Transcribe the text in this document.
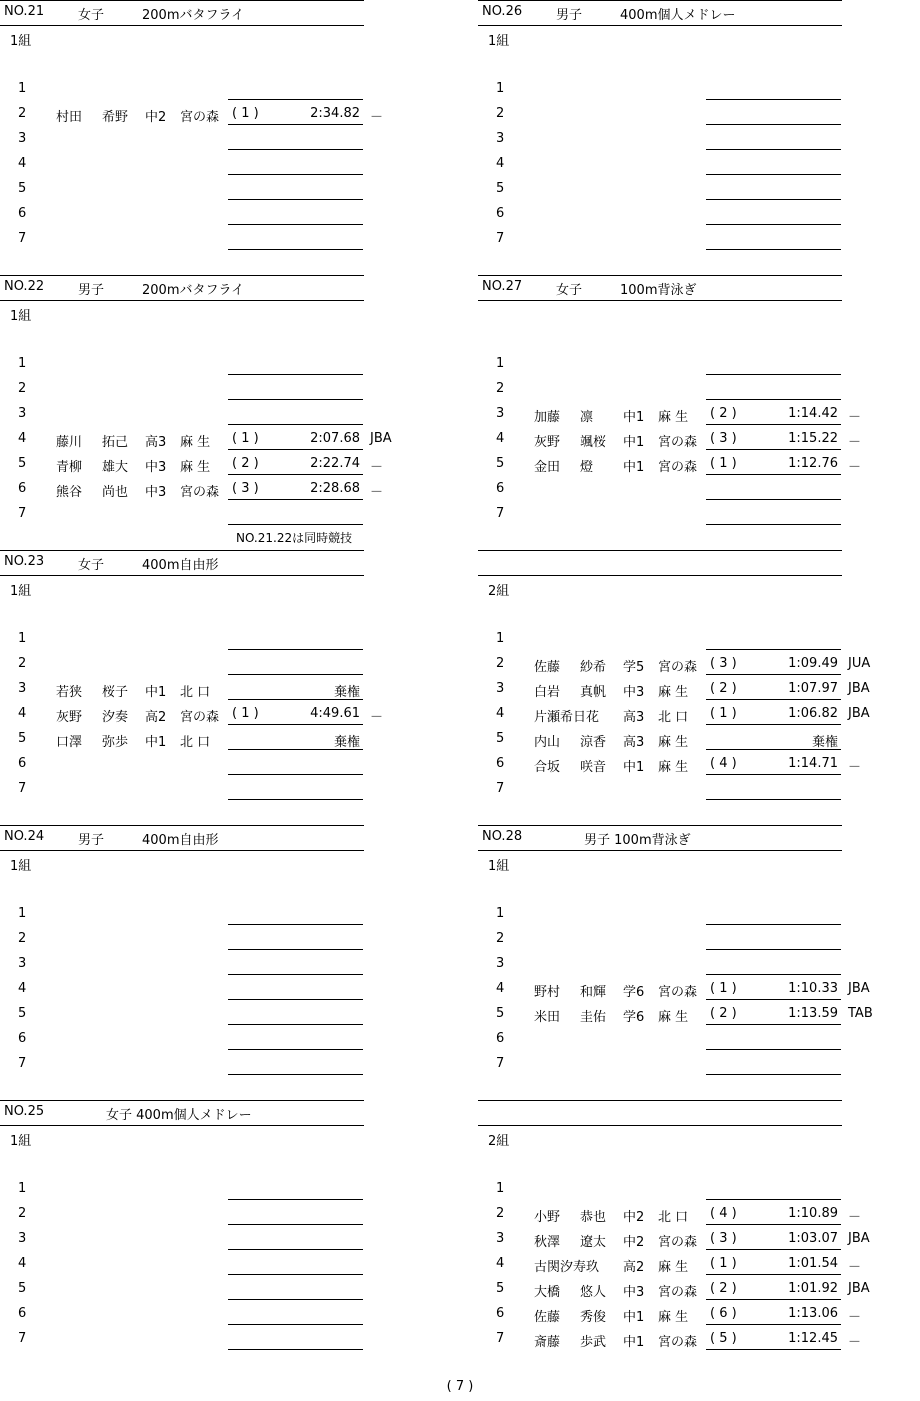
NO.21	女子	200mバタフライ
1組
1
2 村田	希野	中2	宮の森 ( 1 )	2:34.82 －
3
4
5
6
7
NO.22	男子	200mバタフライ
1組
1
2
3
4 藤川	拓己	高3	麻 生	( 1 )	2:07.68 JBA
5 青柳	雄大	中3	麻 生	( 2 )	2:22.74 －
6 熊谷	尚也	中3	宮の森 ( 3 )	2:28.68 －
7
NO.21.22は同時競技
NO.23	女子	400m自由形
1組
1
2
3 若狭	桜子	中1	北 口	棄権
4 灰野	汐奏	高2	宮の森 ( 1 )	4:49.61 －
5 口澤	弥歩	中1	北 口	棄権
6
7
NO.24	男子	400m自由形
1組
1
2
3
4
5
6
7
NO.25	女子 400m個人メドレー
1組
1
2
3
4
5
6
7
NO.26	男子	400m個人メドレー
1組
1
2
3
4
5
6
7
NO.27	女子	100m背泳ぎ
1
2
3 加藤	凛	中1	麻 生	( 2 )	1:14.42 －
4 灰野	颯桜	中1	宮の森 ( 3 )	1:15.22 －
5 金田	燈	中1	宮の森 ( 1 )	1:12.76 －
6
7
2組
1
2 佐藤	紗希	学5	宮の森 ( 3 )	1:09.49 JUA
3 白岩	真帆	中3	麻 生	( 2 )	1:07.97 JBA
4 片瀬希日花	高3	北 口	( 1 )	1:06.82 JBA
5 内山	涼香	高3	麻 生	棄権
6 合坂	咲音	中1	麻 生	( 4 )	1:14.71 －
7
NO.28	男子 100m背泳ぎ
1組
1
2
3
4 野村	和輝	学6	宮の森 ( 1 )	1:10.33 JBA
5 米田	圭佑	学6	麻 生	( 2 )	1:13.59 TAB
6
7
2組
1
2 小野	恭也	中2	北 口	( 4 )	1:10.89 －
3 秋澤	遼太	中2	宮の森 ( 3 )	1:03.07 JBA
4 古関汐寿玖	高2	麻 生	( 1 )	1:01.54 －
5 大橋	悠人	中3	宮の森 ( 2 )	1:01.92 JBA
6 佐藤	秀俊	中1	麻 生	( 6 )	1:13.06 －
7 斎藤	歩武	中1	宮の森 ( 5 )	1:12.45 －
( 7 )
